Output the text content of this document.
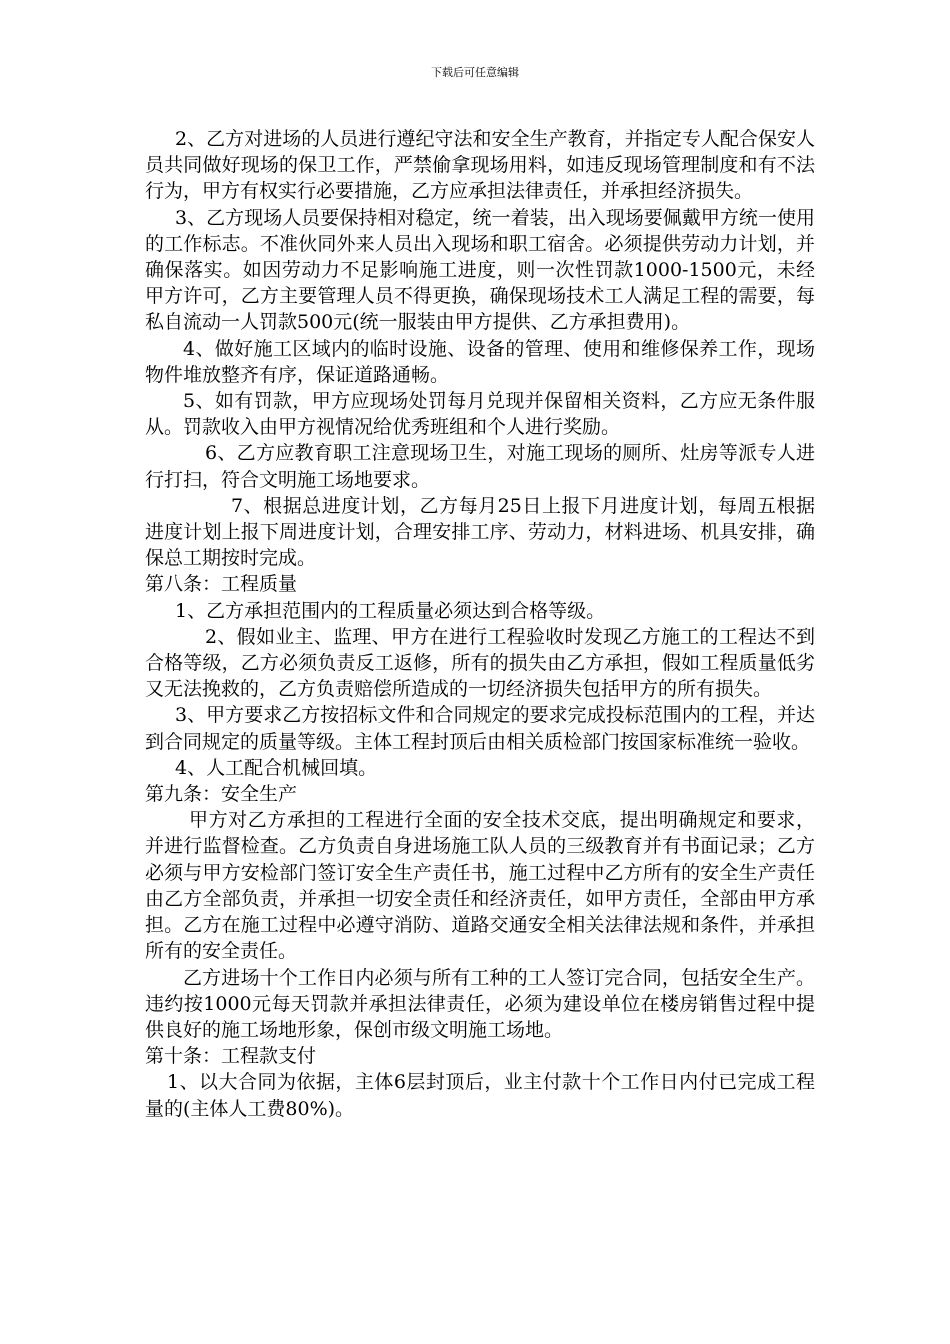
下载后可任意编辑

2、乙方对进场的人员进行遵纪守法和安全生产教育，并指定专人配合保安人员共同做好现场的保卫工作，严禁偷拿现场用料，如违反现场管理制度和有不法行为，甲方有权实行必要措施，乙方应承担法律责任，并承担经济损失。

3、乙方现场人员要保持相对稳定，统一着装，出入现场要佩戴甲方统一使用的工作标志。不准伙同外来人员出入现场和职工宿舍。必须提供劳动力计划，并确保落实。如因劳动力不足影响施工进度，则一次性罚款1000-1500元，未经甲方许可，乙方主要管理人员不得更换，确保现场技术工人满足工程的需要，每私自流动一人罚款500元(统一服装由甲方提供、乙方承担费用)。

4、做好施工区域内的临时设施、设备的管理、使用和维修保养工作，现场物件堆放整齐有序，保证道路通畅。

5、如有罚款，甲方应现场处罚每月兑现并保留相关资料，乙方应无条件服从。罚款收入由甲方视情况给优秀班组和个人进行奖励。

6、乙方应教育职工注意现场卫生，对施工现场的厕所、灶房等派专人进行打扫，符合文明施工场地要求。

7、根据总进度计划，乙方每月25日上报下月进度计划，每周五根据进度计划上报下周进度计划，合理安排工序、劳动力，材料进场、机具安排，确保总工期按时完成。

第八条：工程质量

1、乙方承担范围内的工程质量必须达到合格等级。

2、假如业主、监理、甲方在进行工程验收时发现乙方施工的工程达不到合格等级，乙方必须负责反工返修，所有的损失由乙方承担，假如工程质量低劣又无法挽救的，乙方负责赔偿所造成的一切经济损失包括甲方的所有损失。

3、甲方要求乙方按招标文件和合同规定的要求完成投标范围内的工程，并达到合同规定的质量等级。主体工程封顶后由相关质检部门按国家标准统一验收。

4、人工配合机械回填。

第九条：安全生产

甲方对乙方承担的工程进行全面的安全技术交底，提出明确规定和要求，并进行监督检查。乙方负责自身进场施工队人员的三级教育并有书面记录；乙方必须与甲方安检部门签订安全生产责任书，施工过程中乙方所有的安全生产责任由乙方全部负责，并承担一切安全责任和经济责任，如甲方责任，全部由甲方承担。乙方在施工过程中必遵守消防、道路交通安全相关法律法规和条件，并承担所有的安全责任。

乙方进场十个工作日内必须与所有工种的工人签订完合同，包括安全生产。违约按1000元每天罚款并承担法律责任，必须为建设单位在楼房销售过程中提供良好的施工场地形象，保创市级文明施工场地。

第十条：工程款支付

1、以大合同为依据，主体6层封顶后，业主付款十个工作日内付已完成工程量的(主体人工费80%)。
